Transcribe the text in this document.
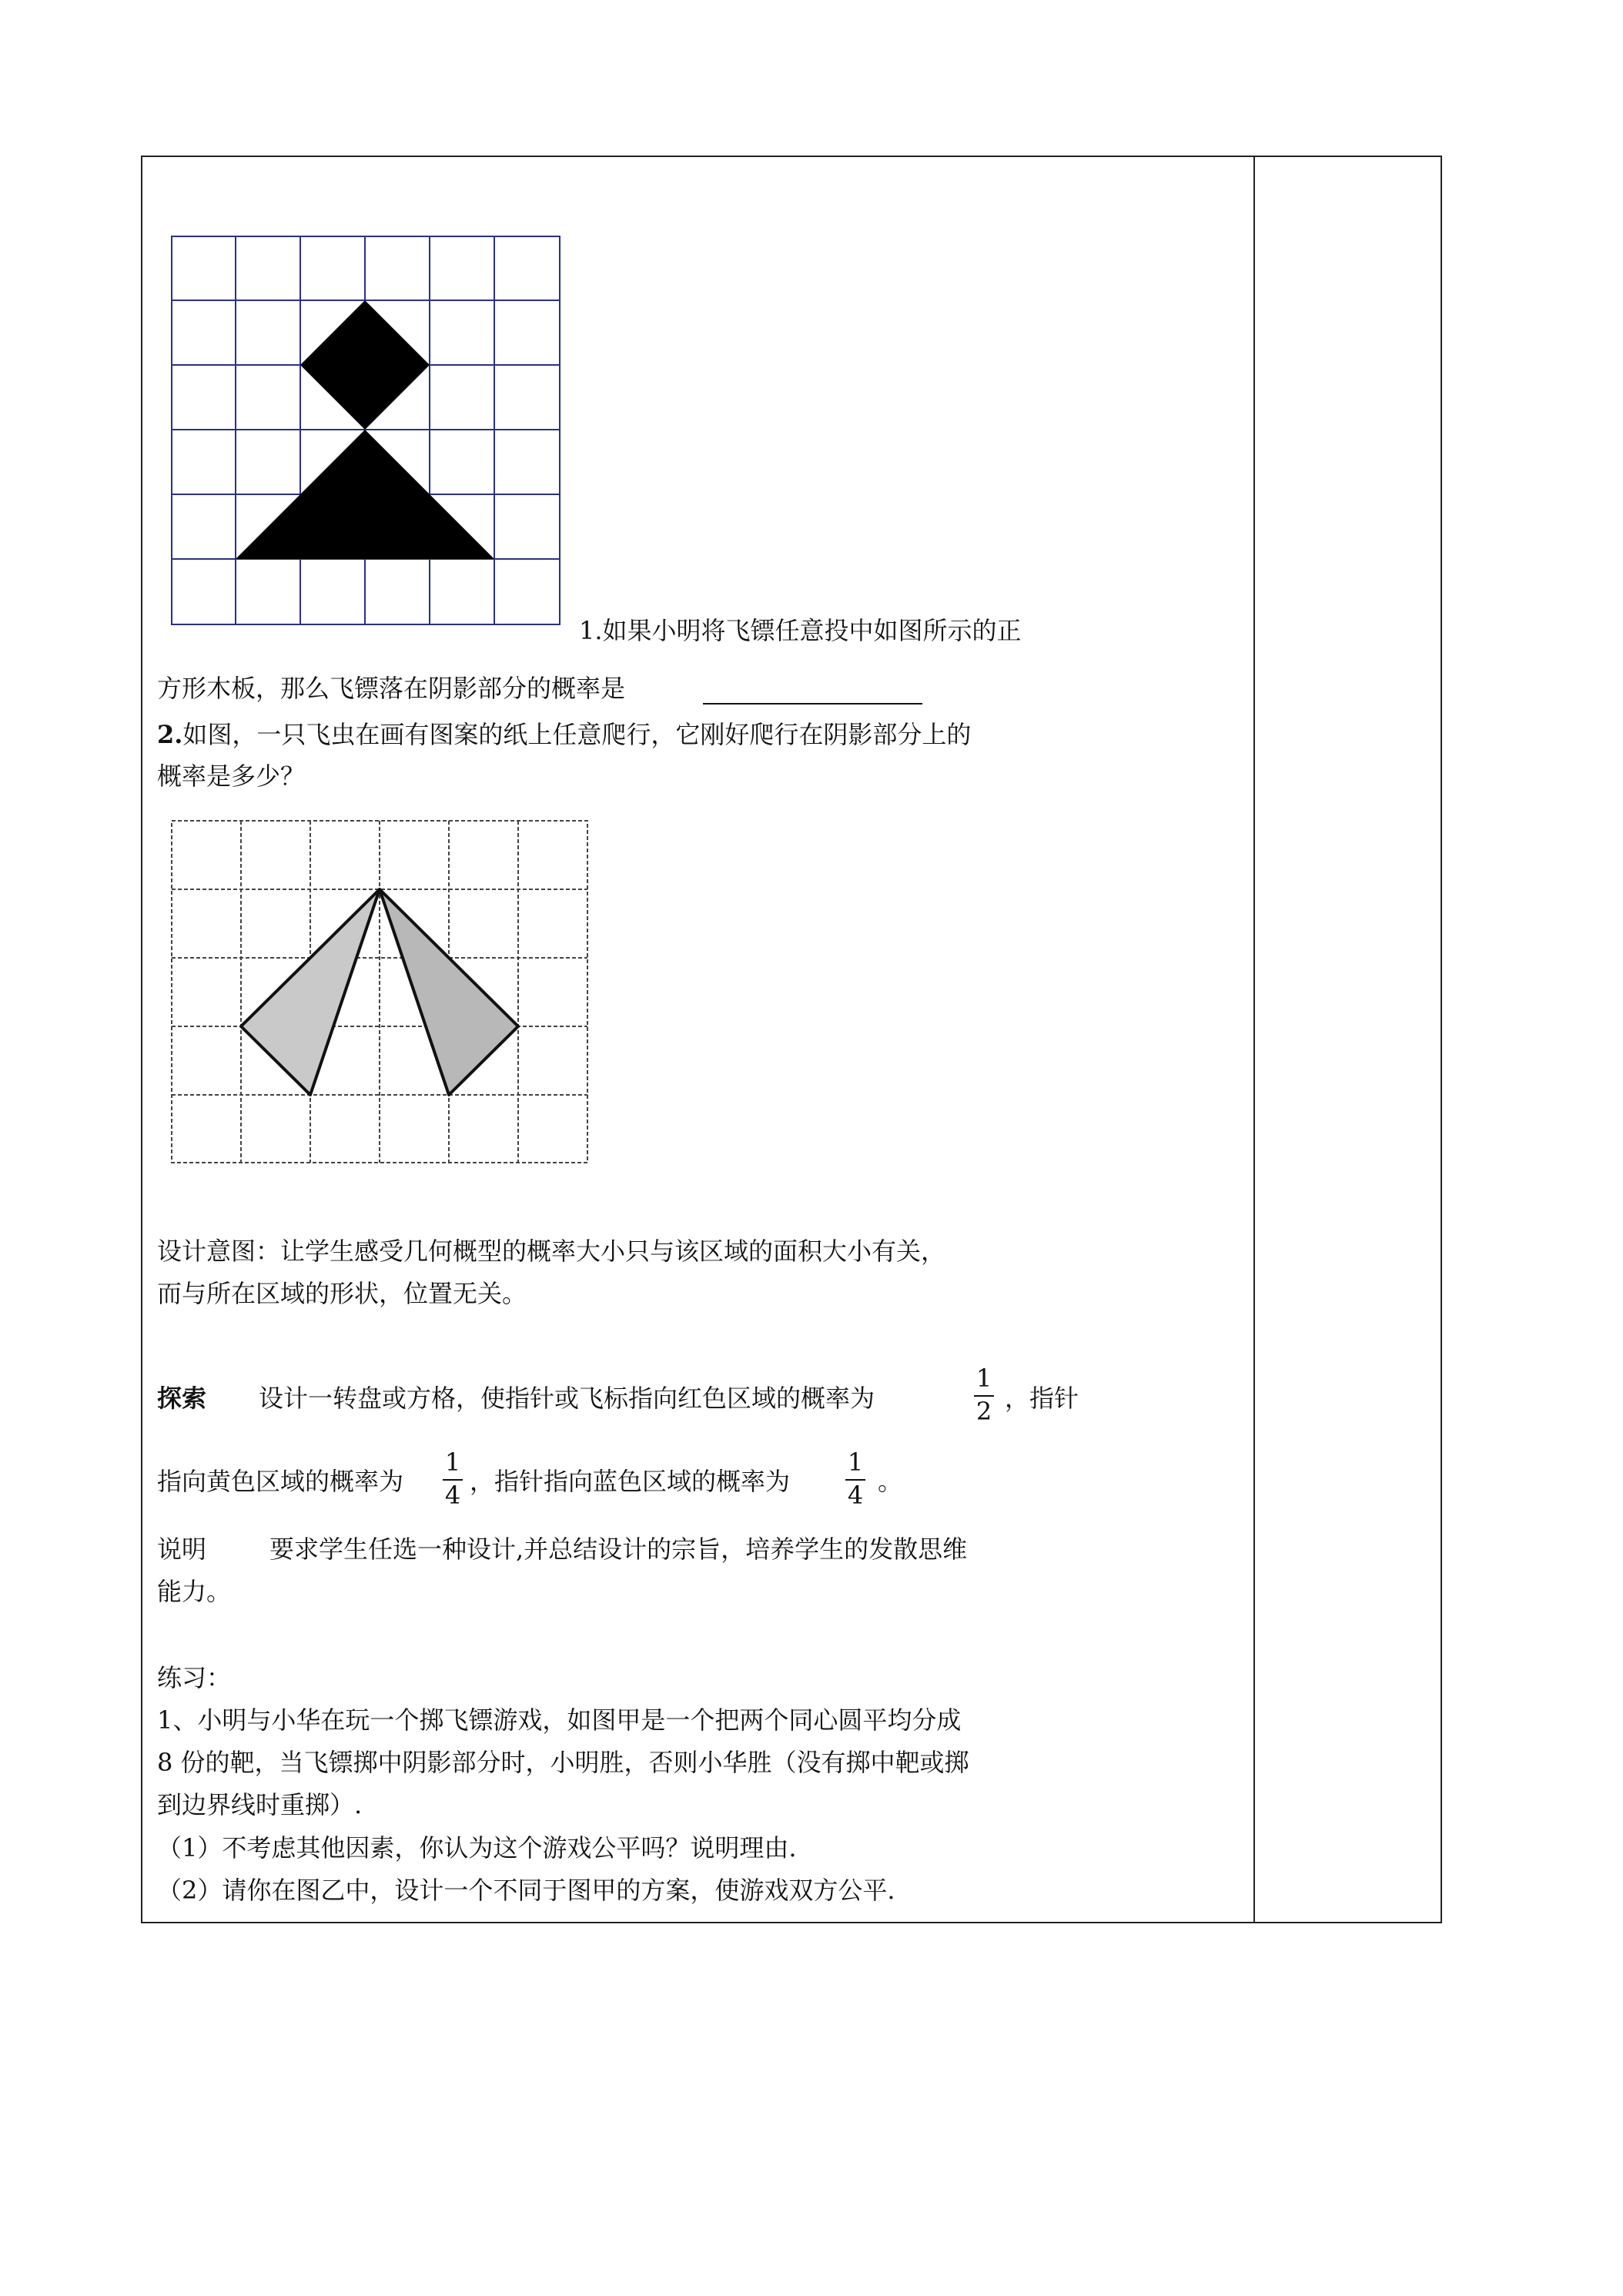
1.如果小明将飞镖任意投中如图所示的正
方形木板，那么飞镖落在阴影部分的概率是
2.如图，一只飞虫在画有图案的纸上任意爬行，它刚好爬行在阴影部分上的
概率是多少？
设计意图：让学生感受几何概型的概率大小只与该区域的面积大小有关，
而与所在区域的形状，位置无关。
探索 设计一转盘或方格，使指针或飞标指向红色区域的概率为
1
2 ，指针
指向黄色区域的概率为
1
4 ，指针指向蓝色区域的概率为
1
4 。
说明	要求学生任选一种设计,并总结设计的宗旨，培养学生的发散思维
能力。
练习：
1、小明与小华在玩一个掷飞镖游戏，如图甲是一个把两个同心圆平均分成
8 份的靶，当飞镖掷中阴影部分时，小明胜，否则小华胜（没有掷中靶或掷
到边界线时重掷）.
（1）不考虑其他因素，你认为这个游戏公平吗？说明理由.
（2）请你在图乙中，设计一个不同于图甲的方案，使游戏双方公平.
